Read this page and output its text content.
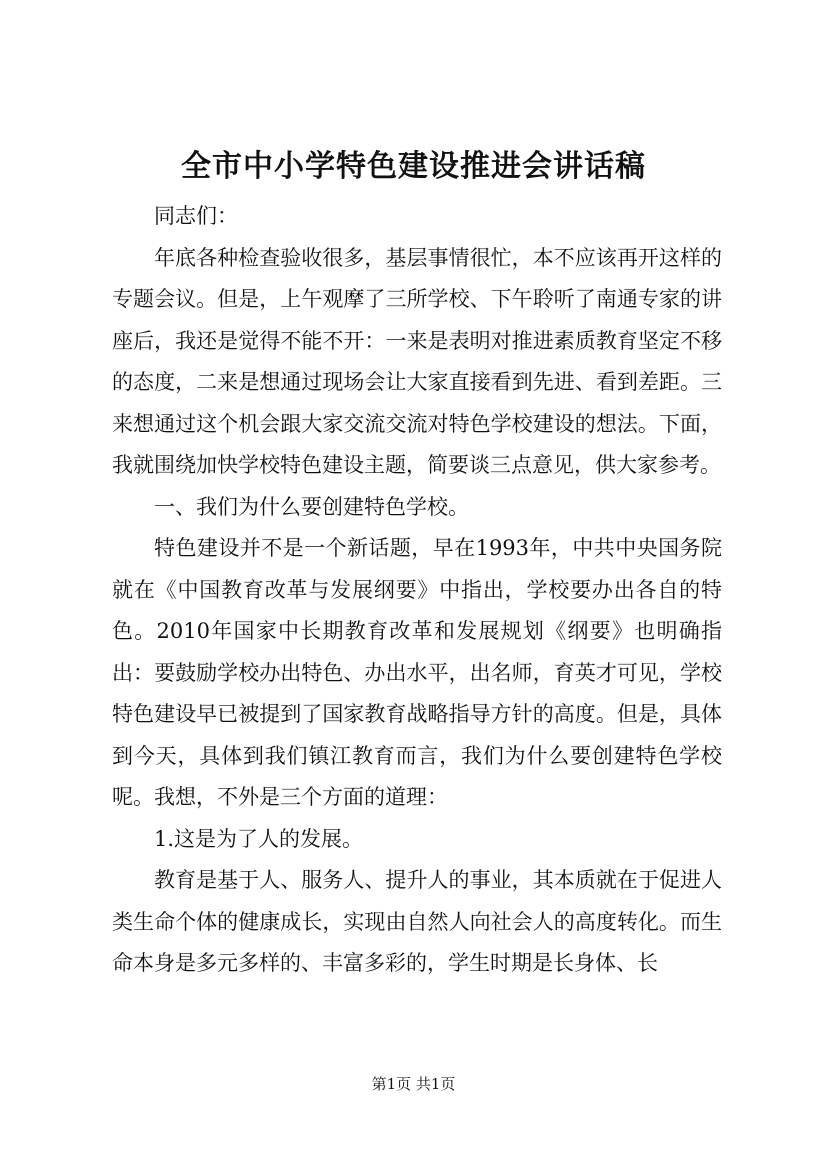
全市中小学特色建设推进会讲话稿

同志们：

年底各种检查验收很多，基层事情很忙，本不应该再开这样的专题会议。但是，上午观摩了三所学校、下午聆听了南通专家的讲座后，我还是觉得不能不开：一来是表明对推进素质教育坚定不移的态度，二来是想通过现场会让大家直接看到先进、看到差距。三来想通过这个机会跟大家交流交流对特色学校建设的想法。下面，我就围绕加快学校特色建设主题，简要谈三点意见，供大家参考。

一、我们为什么要创建特色学校。

特色建设并不是一个新话题，早在1993年，中共中央国务院就在《中国教育改革与发展纲要》中指出，学校要办出各自的特色。2010年国家中长期教育改革和发展规划《纲要》也明确指出：要鼓励学校办出特色、办出水平，出名师，育英才可见，学校特色建设早已被提到了国家教育战略指导方针的高度。但是，具体到今天，具体到我们镇江教育而言，我们为什么要创建特色学校呢。我想，不外是三个方面的道理：

1.这是为了人的发展。

教育是基于人、服务人、提升人的事业，其本质就在于促进人类生命个体的健康成长，实现由自然人向社会人的高度转化。而生命本身是多元多样的、丰富多彩的，学生时期是长身体、长

第1页 共1页
